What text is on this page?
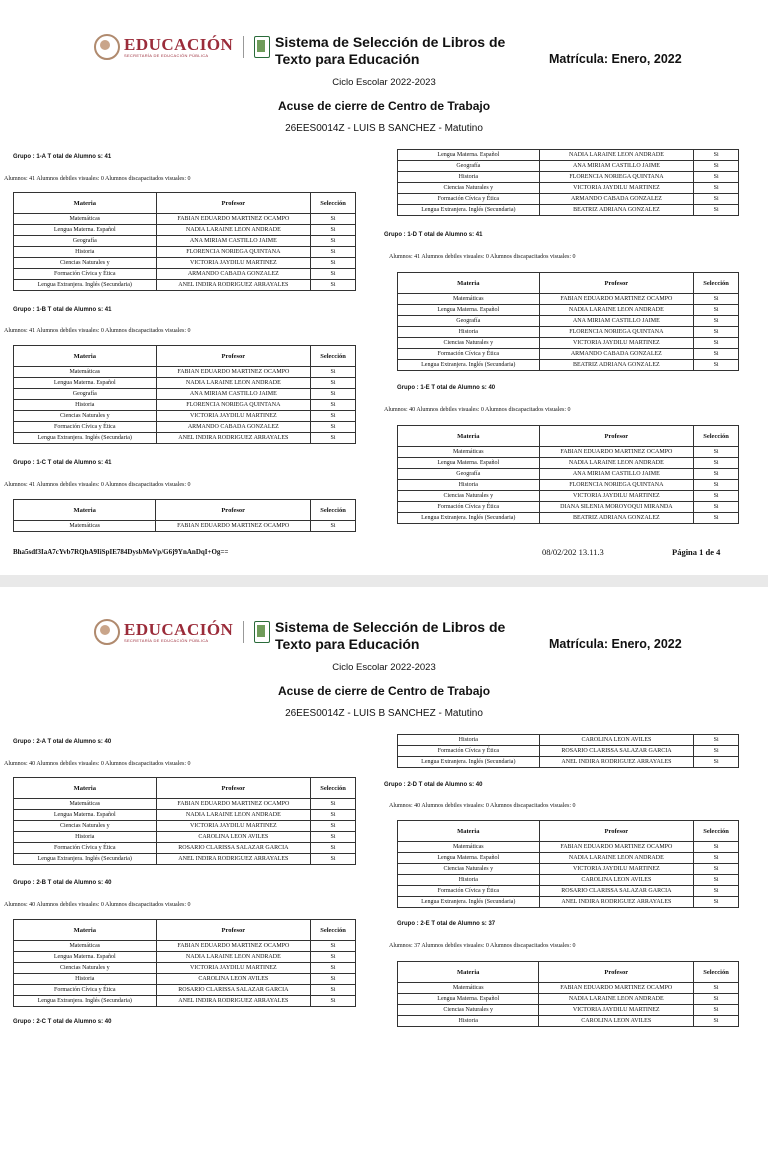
EDUCACIÓN
SECRETARÍA DE EDUCACIÓN PÚBLICA
Sistema de Selección de Libros de Texto para Educación	Matrícula: Enero, 2022
Ciclo Escolar 2022-2023
Acuse de cierre de Centro de Trabajo
26EES0014Z - LUIS B SANCHEZ - Matutino
Grupo : 1-A T otal de Alumno s: 41
Alumnos: 41 Alumnos debiles visuales: 0 Alumnos discapacitados visuales: 0
Materia	Profesor	Selección
Matemáticas	FABIAN EDUARDO MARTINEZ OCAMPO	Si
Lengua Materna. Español	NADIA LARAINE LEON ANDRADE	Si
Geografía	ANA MIRIAM CASTILLO JAIME	Si
Historia	FLORENCIA NORIEGA QUINTANA	Si
Ciencias Naturales y	VICTORIA JAYDILU MARTINEZ	Si
Formación Cívica y Ética	ARMANDO CABADA GONZALEZ	Si
Lengua Extranjera. Inglés (Secundaria)	ANEL INDIRA RODRIGUEZ ARRAYALES	Si
Grupo : 1-B T otal de Alumno s: 41
Alumnos: 41 Alumnos debiles visuales: 0 Alumnos discapacitados visuales: 0
Materia	Profesor	Selección
Matemáticas	FABIAN EDUARDO MARTINEZ OCAMPO	Si
Lengua Materna. Español	NADIA LARAINE LEON ANDRADE	Si
Geografía	ANA MIRIAM CASTILLO JAIME	Si
Historia	FLORENCIA NORIEGA QUINTANA	Si
Ciencias Naturales y	VICTORIA JAYDILU MARTINEZ	Si
Formación Cívica y Ética	ARMANDO CABADA GONZALEZ	Si
Lengua Extranjera. Inglés (Secundaria)	ANEL INDIRA RODRIGUEZ ARRAYALES	Si
Grupo : 1-C T otal de Alumno s: 41
Alumnos: 41 Alumnos debiles visuales: 0 Alumnos discapacitados visuales: 0
Materia	Profesor	Selección
Matemáticas	FABIAN EDUARDO MARTINEZ OCAMPO	Si
Lengua Materna. Español	NADIA LARAINE LEON ANDRADE	Si
Geografía	ANA MIRIAM CASTILLO JAIME	Si
Historia	FLORENCIA NORIEGA QUINTANA	Si
Ciencias Naturales y	VICTORIA JAYDILU MARTINEZ	Si
Formación Cívica y Ética	ARMANDO CABADA GONZALEZ	Si
Lengua Extranjera. Inglés (Secundaria)	BEATRIZ ADRIANA GONZALEZ	Si
Grupo : 1-D T otal de Alumno s: 41
Alumnos: 41 Alumnos debiles visuales: 0 Alumnos discapacitados visuales: 0
Materia	Profesor	Selección
Matemáticas	FABIAN EDUARDO MARTINEZ OCAMPO	Si
Lengua Materna. Español	NADIA LARAINE LEON ANDRADE	Si
Geografía	ANA MIRIAM CASTILLO JAIME	Si
Historia	FLORENCIA NORIEGA QUINTANA	Si
Ciencias Naturales y	VICTORIA JAYDILU MARTINEZ	Si
Formación Cívica y Ética	ARMANDO CABADA GONZALEZ	Si
Lengua Extranjera. Inglés (Secundaria)	BEATRIZ ADRIANA GONZALEZ	Si
Grupo : 1-E T otal de Alumno s: 40
Alumnos: 40 Alumnos debiles visuales: 0 Alumnos discapacitados visuales: 0
Materia	Profesor	Selección
Matemáticas	FABIAN EDUARDO MARTINEZ OCAMPO	Si
Lengua Materna. Español	NADIA LARAINE LEON ANDRADE	Si
Geografía	ANA MIRIAM CASTILLO JAIME	Si
Historia	FLORENCIA NORIEGA QUINTANA	Si
Ciencias Naturales y	VICTORIA JAYDILU MARTINEZ	Si
Formación Cívica y Ética	DIANA SILENIA MOROYOQUI MIRANDA	Si
Lengua Extranjera. Inglés (Secundaria)	BEATRIZ ADRIANA GONZALEZ	Si
Bha5sdf3IaA7cYvb7RQhA9IiSpIE784DysbMeVp/G6j9YnAnDqI+Og==	08/02/202 13.11.3	Página 1 de 4
EDUCACIÓN
SECRETARÍA DE EDUCACIÓN PÚBLICA
Sistema de Selección de Libros de Texto para Educación	Matrícula: Enero, 2022
Ciclo Escolar 2022-2023
Acuse de cierre de Centro de Trabajo
26EES0014Z - LUIS B SANCHEZ - Matutino
Grupo : 2-A T otal de Alumno s: 40
Alumnos: 40 Alumnos debiles visuales: 0 Alumnos discapacitados visuales: 0
Materia	Profesor	Selección
Matemáticas	FABIAN EDUARDO MARTINEZ OCAMPO	Si
Lengua Materna. Español	NADIA LARAINE LEON ANDRADE	Si
Ciencias Naturales y	VICTORIA JAYDILU MARTINEZ	Si
Historia	CAROLINA LEON AVILES	Si
Formación Cívica y Ética	ROSARIO CLARISSA SALAZAR GARCIA	Si
Lengua Extranjera. Inglés (Secundaria)	ANEL INDIRA RODRIGUEZ ARRAYALES	Si
Grupo : 2-B T otal de Alumno s: 40
Alumnos: 40 Alumnos debiles visuales: 0 Alumnos discapacitados visuales: 0
Materia	Profesor	Selección
Matemáticas	FABIAN EDUARDO MARTINEZ OCAMPO	Si
Lengua Materna. Español	NADIA LARAINE LEON ANDRADE	Si
Ciencias Naturales y	VICTORIA JAYDILU MARTINEZ	Si
Historia	CAROLINA LEON AVILES	Si
Formación Cívica y Ética	ROSARIO CLARISSA SALAZAR GARCIA	Si
Lengua Extranjera. Inglés (Secundaria)	ANEL INDIRA RODRIGUEZ ARRAYALES	Si
Grupo : 2-C T otal de Alumno s: 40
Historia	CAROLINA LEON AVILES	Si
Formación Cívica y Ética	ROSARIO CLARISSA SALAZAR GARCIA	Si
Lengua Extranjera. Inglés (Secundaria)	ANEL INDIRA RODRIGUEZ ARRAYALES	Si
Grupo : 2-D T otal de Alumno s: 40
Alumnos: 40 Alumnos debiles visuales: 0 Alumnos discapacitados visuales: 0
Materia	Profesor	Selección
Matemáticas	FABIAN EDUARDO MARTINEZ OCAMPO	Si
Lengua Materna. Español	NADIA LARAINE LEON ANDRADE	Si
Ciencias Naturales y	VICTORIA JAYDILU MARTINEZ	Si
Historia	CAROLINA LEON AVILES	Si
Formación Cívica y Ética	ROSARIO CLARISSA SALAZAR GARCIA	Si
Lengua Extranjera. Inglés (Secundaria)	ANEL INDIRA RODRIGUEZ ARRAYALES	Si
Grupo : 2-E T otal de Alumno s: 37
Alumnos: 37 Alumnos debiles visuales: 0 Alumnos discapacitados visuales: 0
Materia	Profesor	Selección
Matemáticas	FABIAN EDUARDO MARTINEZ OCAMPO	Si
Lengua Materna. Español	NADIA LARAINE LEON ANDRADE	Si
Ciencias Naturales y	VICTORIA JAYDILU MARTINEZ	Si
Historia	CAROLINA LEON AVILES	Si
